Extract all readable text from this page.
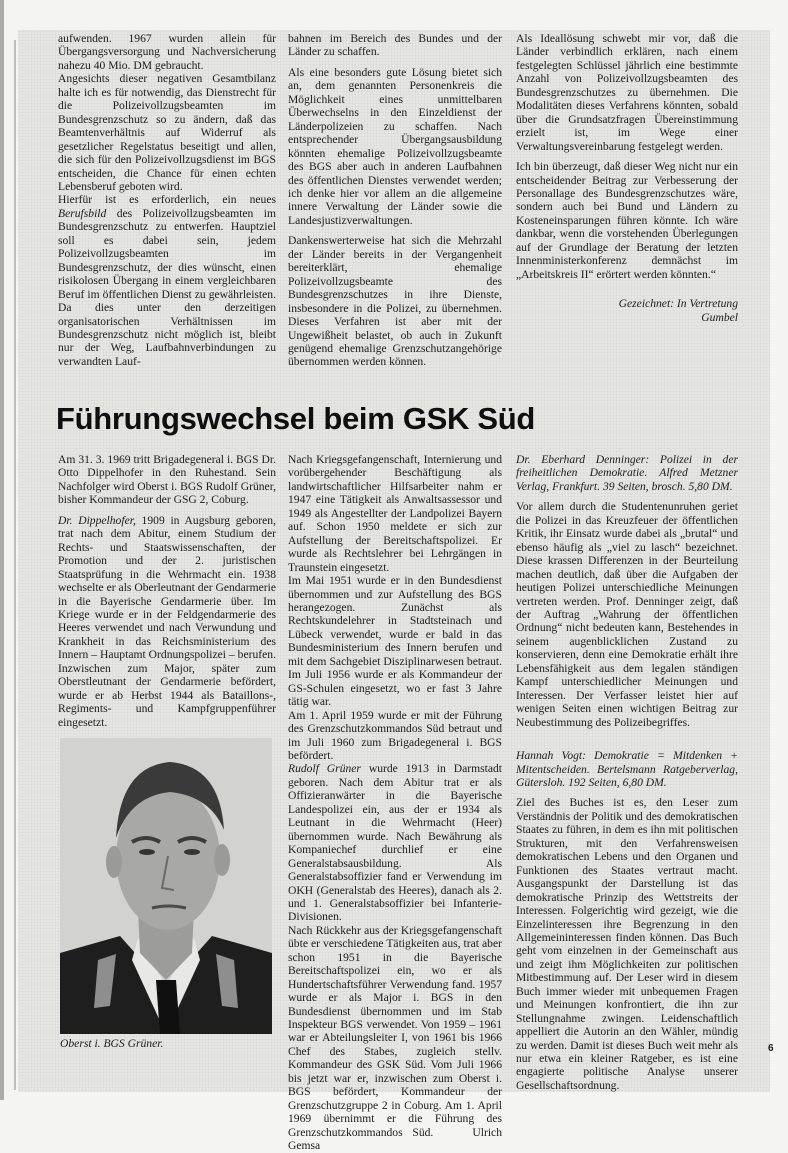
aufwenden. 1967 wurden allein für Übergangsversorgung und Nachversicherung nahezu 40 Mio. DM gebraucht.

Angesichts dieser negativen Gesamtbilanz halte ich es für notwendig, das Dienstrecht für die Polizeivollzugsbeamten im Bundesgrenzschutz so zu ändern, daß das Beamtenverhältnis auf Widerruf als gesetzlicher Regelstatus beseitigt und allen, die sich für den Polizeivollzugsdienst im BGS entscheiden, die Chance für einen echten Lebensberuf geboten wird.

Hierfür ist es erforderlich, ein neues Berufsbild des Polizeivollzugsbeamten im Bundesgrenzschutz zu entwerfen. Hauptziel soll es dabei sein, jedem Polizeivollzugsbeamten im Bundesgrenzschutz, der dies wünscht, einen risikolosen Übergang in einem vergleichbaren Beruf im öffentlichen Dienst zu gewährleisten. Da dies unter den derzeitigen organisatorischen Verhältnissen im Bundesgrenzschutz nicht möglich ist, bleibt nur der Weg, Laufbahnverbindungen zu verwandten Lauf-

bahnen im Bereich des Bundes und der Länder zu schaffen.

Als eine besonders gute Lösung bietet sich an, dem genannten Personenkreis die Möglichkeit eines unmittelbaren Überwechselns in den Einzeldienst der Länderpolizeien zu schaffen. Nach entsprechender Übergangsausbildung könnten ehemalige Polizeivollzugsbeamte des BGS aber auch in anderen Laufbahnen des öffentlichen Dienstes verwendet werden; ich denke hier vor allem an die allgemeine innere Verwaltung der Länder sowie die Landesjustizverwaltungen.

Dankenswerterweise hat sich die Mehrzahl der Länder bereits in der Vergangenheit bereiterklärt, ehemalige Polizeivollzugsbeamte des Bundesgrenzschutzes in ihre Dienste, insbesondere in die Polizei, zu übernehmen. Dieses Verfahren ist aber mit der Ungewißheit belastet, ob auch in Zukunft genügend ehemalige Grenzschutzangehörige übernommen werden können.

Als Ideallösung schwebt mir vor, daß die Länder verbindlich erklären, nach einem festgelegten Schlüssel jährlich eine bestimmte Anzahl von Polizeivollzugsbeamten des Bundesgrenzschutzes zu übernehmen. Die Modalitäten dieses Verfahrens könnten, sobald über die Grundsatzfragen Übereinstimmung erzielt ist, im Wege einer Verwaltungsvereinbarung festgelegt werden.

Ich bin überzeugt, daß dieser Weg nicht nur ein entscheidender Beitrag zur Verbesserung der Personallage des Bundesgrenzschutzes wäre, sondern auch bei Bund und Ländern zu Kosteneinsparungen führen könnte. Ich wäre dankbar, wenn die vorstehenden Überlegungen auf der Grundlage der Beratung der letzten Innenministerkonferenz demnächst im „Arbeitskreis II“ erörtert werden könnten.“

Gezeichnet: In Vertretung
Gumbel

Führungswechsel beim GSK Süd

Am 31. 3. 1969 tritt Brigadegeneral i. BGS Dr. Otto Dippelhofer in den Ruhestand. Sein Nachfolger wird Oberst i. BGS Rudolf Grüner, bisher Kommandeur der GSG 2, Coburg.

Dr. Dippelhofer, 1909 in Augsburg geboren, trat nach dem Abitur, einem Studium der Rechts- und Staatswissenschaften, der Promotion und der 2. juristischen Staatsprüfung in die Wehrmacht ein. 1938 wechselte er als Oberleutnant der Gendarmerie in die Bayerische Gendarmerie über. Im Kriege wurde er in der Feldgendarmerie des Heeres verwendet und nach Verwundung und Krankheit in das Reichsministerium des Innern – Hauptamt Ordnungspolizei – berufen. Inzwischen zum Major, später zum Oberstleutnant der Gendarmerie befördert, wurde er ab Herbst 1944 als Bataillons-, Regiments- und Kampfgruppenführer eingesetzt.

Oberst i. BGS Grüner.

Nach Kriegsgefangenschaft, Internierung und vorübergehender Beschäftigung als landwirtschaftlicher Hilfsarbeiter nahm er 1947 eine Tätigkeit als Anwaltsassessor und 1949 als Angestellter der Landpolizei Bayern auf. Schon 1950 meldete er sich zur Aufstellung der Bereitschaftspolizei. Er wurde als Rechtslehrer bei Lehrgängen in Traunstein eingesetzt.

Im Mai 1951 wurde er in den Bundesdienst übernommen und zur Aufstellung des BGS herangezogen. Zunächst als Rechtskundelehrer in Stadtsteinach und Lübeck verwendet, wurde er bald in das Bundesministerium des Innern berufen und mit dem Sachgebiet Disziplinarwesen betraut. Im Juli 1956 wurde er als Kommandeur der GS-Schulen eingesetzt, wo er fast 3 Jahre tätig war.

Am 1. April 1959 wurde er mit der Führung des Grenzschutzkommandos Süd betraut und im Juli 1960 zum Brigadegeneral i. BGS befördert.

Rudolf Grüner wurde 1913 in Darmstadt geboren. Nach dem Abitur trat er als Offizieranwärter in die Bayerische Landespolizei ein, aus der er 1934 als Leutnant in die Wehrmacht (Heer) übernommen wurde. Nach Bewährung als Kompaniechef durchlief er eine Generalstabsausbildung. Als Generalstabsoffizier fand er Verwendung im OKH (Generalstab des Heeres), danach als 2. und 1. Generalstabsoffizier bei Infanterie-Divisionen.

Nach Rückkehr aus der Kriegsgefangenschaft übte er verschiedene Tätigkeiten aus, trat aber schon 1951 in die Bayerische Bereitschaftspolizei ein, wo er als Hundertschaftsführer Verwendung fand. 1957 wurde er als Major i. BGS in den Bundesdienst übernommen und im Stab Inspekteur BGS verwendet. Von 1959 – 1961 war er Abteilungsleiter I, von 1961 bis 1966 Chef des Stabes, zugleich stellv. Kommandeur des GSK Süd. Vom Juli 1966 bis jetzt war er, inzwischen zum Oberst i. BGS befördert, Kommandeur der Grenzschutzgruppe 2 in Coburg. Am 1. April 1969 übernimmt er die Führung des Grenzschutzkommandos Süd.	Ulrich Gemsa

Dr. Eberhard Denninger: Polizei in der freiheitlichen Demokratie. Alfred Metzner Verlag, Frankfurt. 39 Seiten, brosch. 5,80 DM.

Vor allem durch die Studentenunruhen geriet die Polizei in das Kreuzfeuer der öffentlichen Kritik, ihr Einsatz wurde dabei als „brutal“ und ebenso häufig als „viel zu lasch“ bezeichnet. Diese krassen Differenzen in der Beurteilung machen deutlich, daß über die Aufgaben der heutigen Polizei unterschiedliche Meinungen vertreten werden. Prof. Denninger zeigt, daß der Auftrag „Wahrung der öffentlichen Ordnung“ nicht bedeuten kann, Bestehendes in seinem augenblicklichen Zustand zu konservieren, denn eine Demokratie erhält ihre Lebensfähigkeit aus dem legalen ständigen Kampf unterschiedlicher Meinungen und Interessen. Der Verfasser leistet hier auf wenigen Seiten einen wichtigen Beitrag zur Neubestimmung des Polizeibegriffes.

Hannah Vogt: Demokratie = Mitdenken + Mitentscheiden. Bertelsmann Ratgeberverlag, Gütersloh. 192 Seiten, 6,80 DM.

Ziel des Buches ist es, den Leser zum Verständnis der Politik und des demokratischen Staates zu führen, in dem es ihn mit politischen Strukturen, mit den Verfahrensweisen demokratischen Lebens und den Organen und Funktionen des Staates vertraut macht. Ausgangspunkt der Darstellung ist das demokratische Prinzip des Wettstreits der Interessen. Folgerichtig wird gezeigt, wie die Einzelinteressen ihre Begrenzung in den Allgemeininteressen finden können. Das Buch geht vom einzelnen in der Gemeinschaft aus und zeigt ihm Möglichkeiten zur politischen Mitbestimmung auf. Der Leser wird in diesem Buch immer wieder mit unbequemen Fragen und Meinungen konfrontiert, die ihn zur Stellungnahme zwingen. Leidenschaftlich appelliert die Autorin an den Wähler, mündig zu werden. Damit ist dieses Buch weit mehr als nur etwa ein kleiner Ratgeber, es ist eine engagierte politische Analyse unserer Gesellschaftsordnung.

6
